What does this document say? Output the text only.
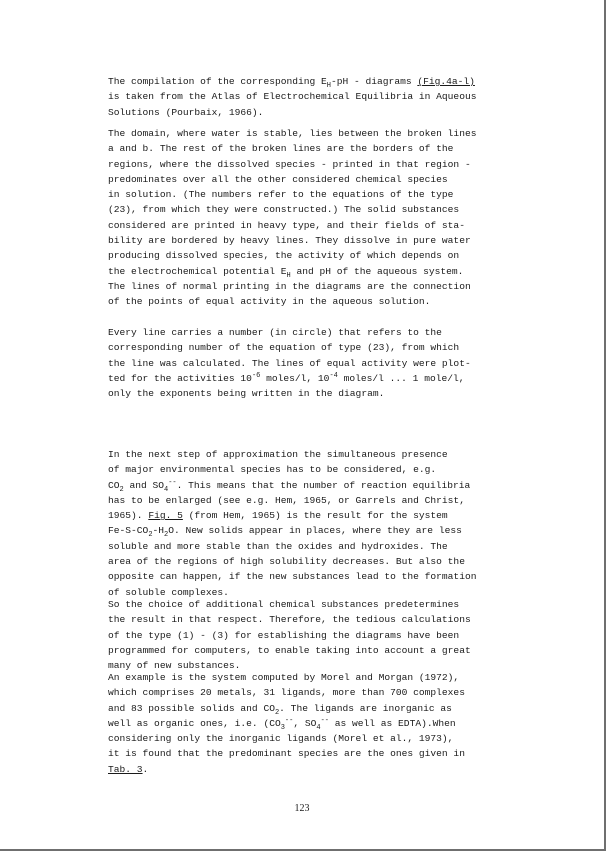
The compilation of the corresponding $E_H-pH$ - diagrams (Fig.4a-l)
is taken from the Atlas of Electrochemical Equilibria in Aqueous
Solutions (Pourbaix, 1966).
The domain, where water is stable, lies between the broken lines
a and b. The rest of the broken lines are the borders of the
regions, where the dissolved species - printed in that region -
predominates over all the other considered chemical species
in solution. (The numbers refer to the equations of the type
(23), from which they were constructed.) The solid substances
considered are printed in heavy type, and their fields of sta-
bility are bordered by heavy lines. They dissolve in pure water
producing dissolved species, the activity of which depends on
the electrochemical potential $E_H$ and pH of the aqueous system.
The lines of normal printing in the diagrams are the connection
of the points of equal activity in the aqueous solution.
Every line carries a number (in circle) that refers to the
corresponding number of the equation of type (23), from which
the line was calculated. The lines of equal activity were plot-
ted for the activities $10^{-6}$ moles/l, $10^{-4}$ moles/l ... 1 mole/l,
only the exponents being written in the diagram.
In the next step of approximation the simultaneous presence
of major environmental species has to be considered, e.g.
$CO_2$ and $SO_4^{--}$. This means that the number of reaction equilibria
has to be enlarged (see e.g. Hem, 1965, or Garrels and Christ,
1965). Fig. 5 (from Hem, 1965) is the result for the system
$Fe-S-CO_2-H_2O$. New solids appear in places, where they are less
soluble and more stable than the oxides and hydroxides. The
area of the regions of high solubility decreases. But also the
opposite can happen, if the new substances lead to the formation
of soluble complexes.
So the choice of additional chemical substances predetermines
the result in that respect. Therefore, the tedious calculations
of the type (1) - (3) for establishing the diagrams have been
programmed for computers, to enable taking into account a great
many of new substances.
An example is the system computed by Morel and Morgan (1972),
which comprises 20 metals, 31 ligands, more than 700 complexes
and 83 possible solids and $CO_2$. The ligands are inorganic as
well as organic ones, i.e. ($CO_3^{--}$, $SO_4^{--}$ as well as EDTA).When
considering only the inorganic ligands (Morel et al., 1973),
it is found that the predominant species are the ones given in
Tab. 3.
123
